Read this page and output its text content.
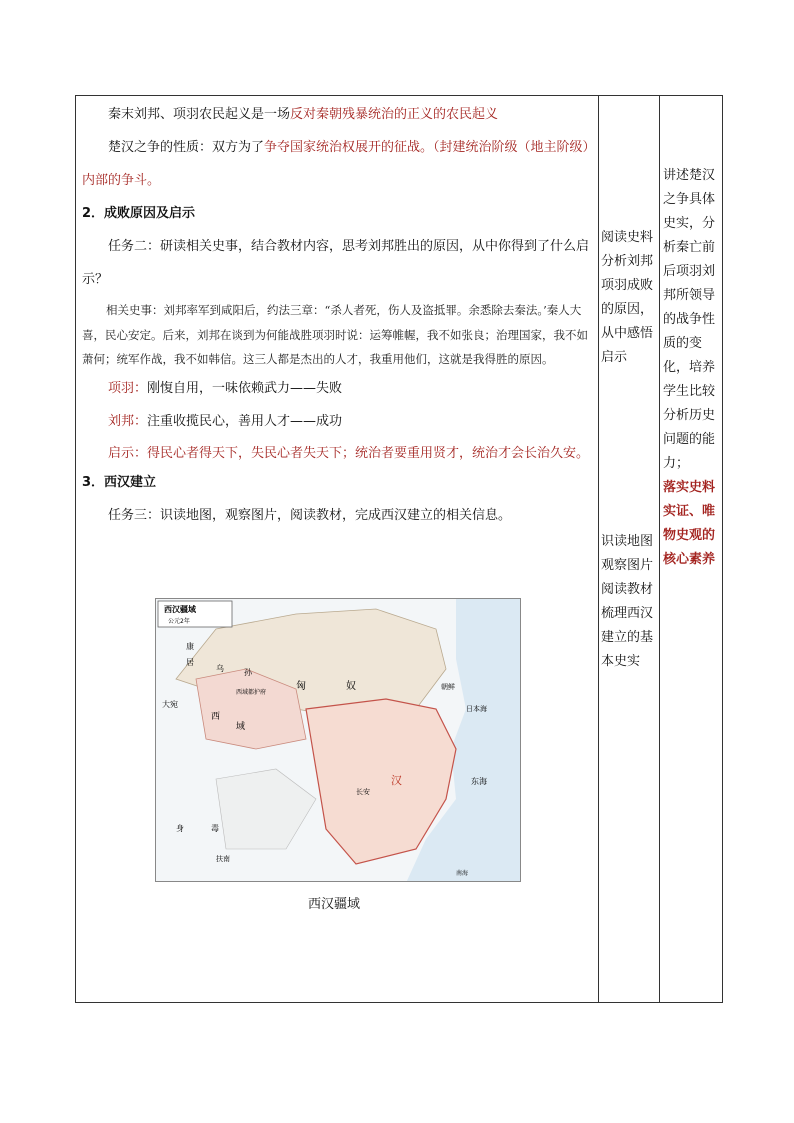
秦末刘邦、项羽农民起义是一场反对秦朝残暴统治的正义的农民起义

楚汉之争的性质：双方为了争夺国家统治权展开的征战。（封建统治阶级（地主阶级）内部的争斗。

2．成败原因及启示

任务二：研读相关史事，结合教材内容，思考刘邦胜出的原因，从中你得到了什么启示？

相关史事：刘邦率军到咸阳后，约法三章：“杀人者死，伤人及盗抵罪。余悉除去秦法。’秦人大喜，民心安定。后来，刘邦在谈到为何能战胜项羽时说：运筹帷幄，我不如张良；治理国家，我不如萧何；统军作战，我不如韩信。这三人都是杰出的人才，我重用他们，这就是我得胜的原因。

项羽：刚愎自用，一味依赖武力——失败

刘邦：注重收揽民心，善用人才——成功

启示：得民心者得天下，失民心者失天下；统治者要重用贤才，统治才会长治久安。

3．西汉建立

任务三：识读地图，观察图片，阅读教材，完成西汉建立的相关信息。

西汉疆域
公元2年
康
居
乌	孙
大宛
西
域
匈	奴
西域都护府
汉
长安
东海
朝鲜
日本海
身	毒
扶南
南海
西汉疆域

阅读史料分析刘邦项羽成败的原因，从中感悟启示

识读地图观察图片阅读教材梳理西汉建立的基本史实

讲述楚汉之争具体史实，分析秦亡前后项羽刘邦所领导的战争性质的变化，培养学生比较分析历史问题的能力；

落实史料实证、唯物史观的核心素养
